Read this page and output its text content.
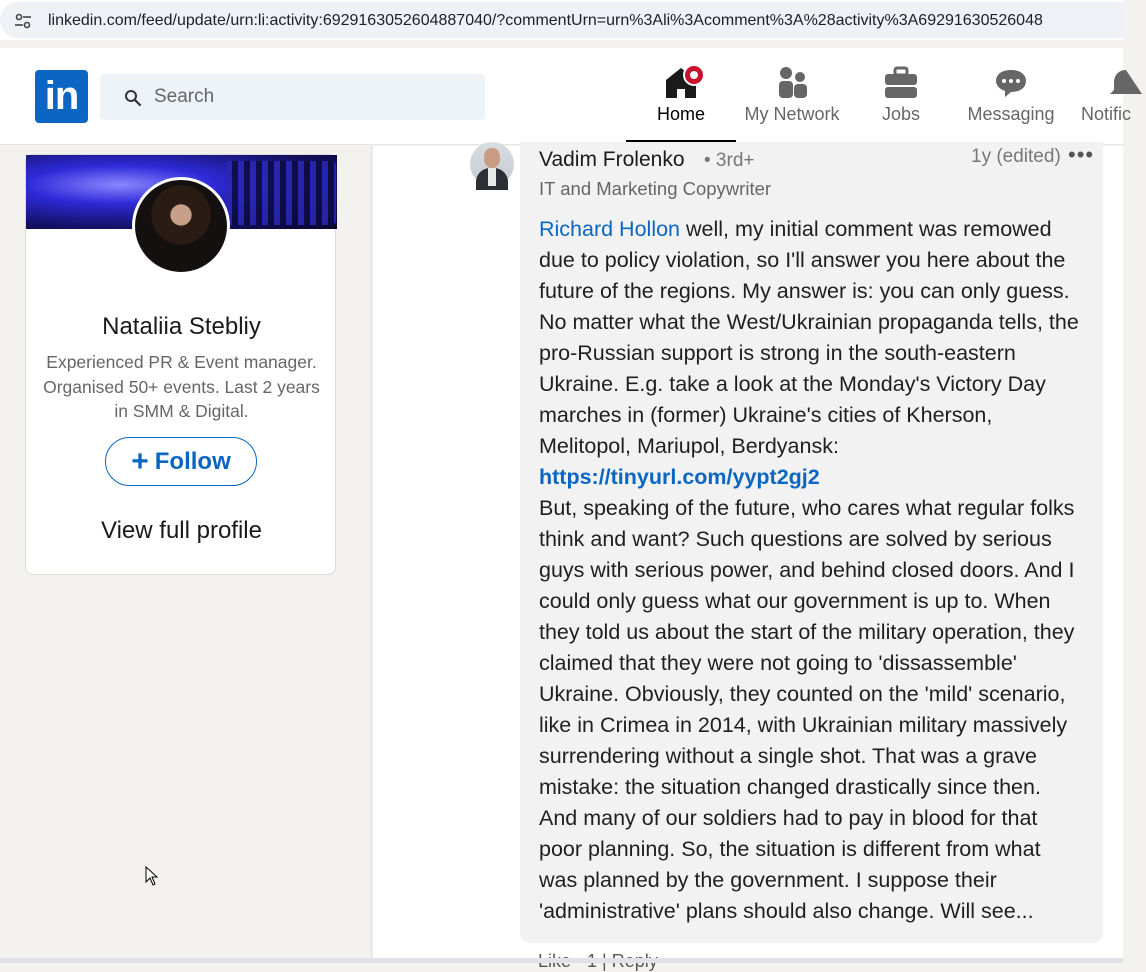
linkedin.com/feed/update/urn:li:activity:6929163052604887040/?commentUrn=urn%3Ali%3Acomment%3A%28activity%3A69291630526048
in
Search	Home	My Network	Jobs	Messaging	Notific
Nataliia Stebliy
Experienced PR & Event manager. Organised 50+ events. Last 2 years in SMM & Digital.
+ Follow
View full profile
Vadim Frolenko • 3rd+	1y (edited) •••
IT and Marketing Copywriter
Richard Hollon well, my initial comment was remowed due to policy violation, so I'll answer you here about the future of the regions. My answer is: you can only guess. No matter what the West/Ukrainian propaganda tells, the pro-Russian support is strong in the south-eastern Ukraine. E.g. take a look at the Monday's Victory Day marches in (former) Ukraine's cities of Kherson, Melitopol, Mariupol, Berdyansk: https://tinyurl.com/yypt2gj2
But, speaking of the future, who cares what regular folks think and want? Such questions are solved by serious guys with serious power, and behind closed doors. And I could only guess what our government is up to. When they told us about the start of the military operation, they claimed that they were not going to 'dissassemble' Ukraine. Obviously, they counted on the 'mild' scenario, like in Crimea in 2014, with Ukrainian military massively surrendering without a single shot. That was a grave mistake: the situation changed drastically since then. And many of our soldiers had to pay in blood for that poor planning. So, the situation is different from what was planned by the government. I suppose their 'administrative' plans should also change. Will see...
